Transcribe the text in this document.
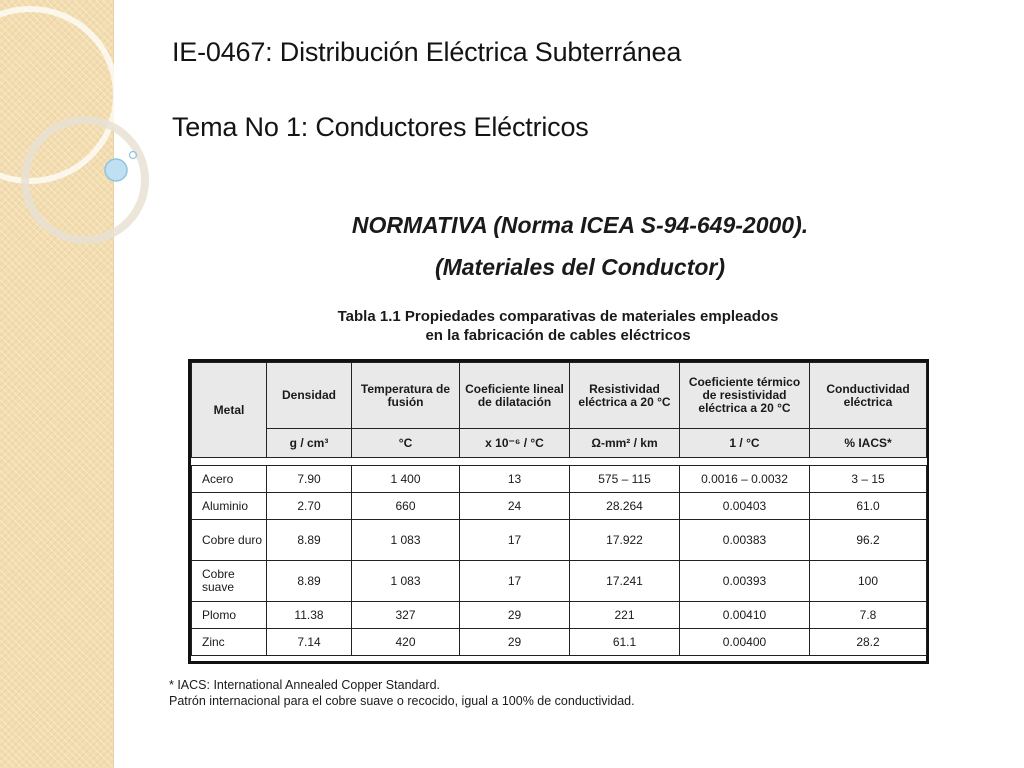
IE-0467: Distribución Eléctrica Subterránea
Tema No 1: Conductores Eléctricos
NORMATIVA (Norma ICEA S-94-649-2000).
(Materiales del Conductor)
Tabla 1.1 Propiedades comparativas de materiales empleados
en la fabricación de cables eléctricos
Metal	Densidad	Temperatura de fusión	Coeficiente lineal de dilatación	Resistividad eléctrica a 20 °C	Coeficiente térmico de resistividad eléctrica a 20 °C	Conductividad eléctrica
	g / cm³	°C	x 10⁻⁶ / °C	Ω-mm² / km	1 / °C	% IACS*

Acero	7.90	1 400	13	575 – 115	0.0016 – 0.0032	3 – 15
Aluminio	2.70	660	24	28.264	0.00403	61.0
Cobre duro	8.89	1 083	17	17.922	0.00383	96.2
Cobre suave	8.89	1 083	17	17.241	0.00393	100
Plomo	11.38	327	29	221	0.00410	7.8
Zinc	7.14	420	29	61.1	0.00400	28.2
* IACS: International Annealed Copper Standard.
Patrón internacional para el cobre suave o recocido, igual a 100% de conductividad.
